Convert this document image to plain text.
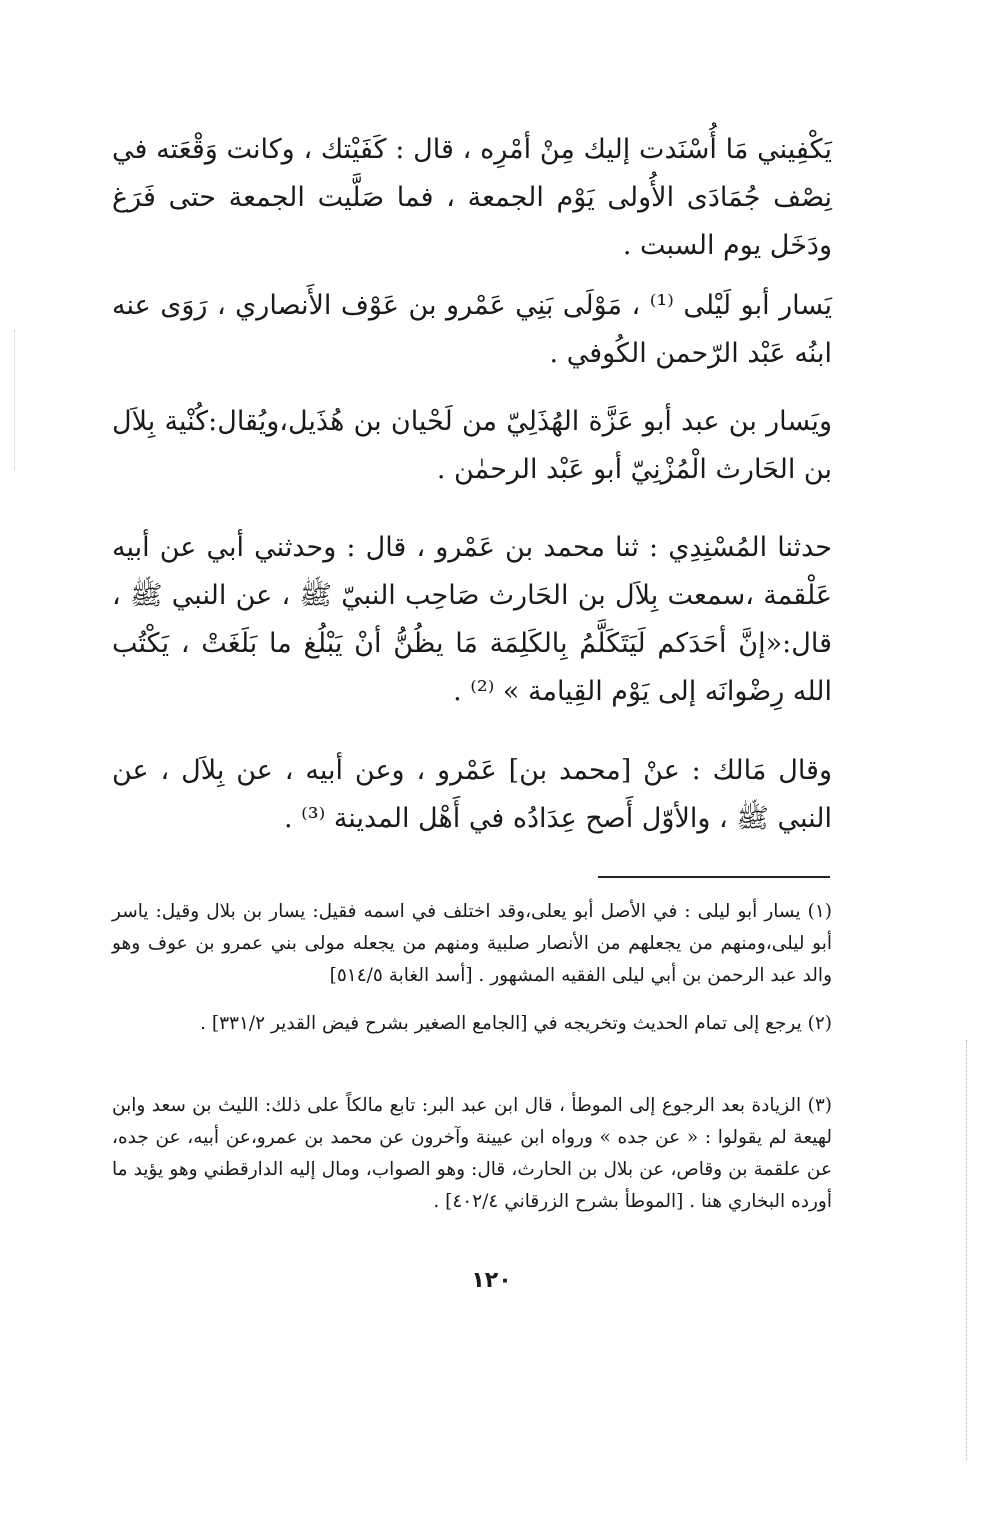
يَكْفِيني مَا أُسْنَدت إليك مِنْ أمْرِه ، قال : كَفَيْتك ، وكانت وَقْعَته في نِصْف جُمَادَى الأُولى يَوْم الجمعة ، فما صَلَّيت الجمعة حتى فَرَغ ودَخَل يوم السبت .

يَسار أبو لَيْلى ⁽¹⁾ ، مَوْلَى بَنِي عَمْرو بن عَوْف الأَنصاري ، رَوَى عنه ابنُه عَبْد الرّحمن الكُوفي .

ويَسار بن عبد أبو عَزَّة الهُذَلِيّ من لَحْيان بن هُذَيل،ويُقال:كُنْية بِلاَل بن الحَارث الْمُزْنِيّ أبو عَبْد الرحمٰن .

حدثنا المُسْنِدِي : ثنا محمد بن عَمْرو ، قال : وحدثني أبي عن أبيه عَلْقمة ،سمعت بِلاَل بن الحَارث صَاحِب النبيّ ﷺ ، عن النبي ﷺ ، قال:«إنَّ أحَدَكم لَيَتَكَلَّمُ بِالكَلِمَة مَا يظُنُّ أنْ يَبْلُغ ما بَلَغَتْ ، يَكْتُب الله رِضْوانَه إلى يَوْم القِيامة » ⁽²⁾ .

وقال مَالك : عنْ [محمد بن] عَمْرو ، وعن أبيه ، عن بِلاَل ، عن النبي ﷺ ، والأوّل أَصح عِدَادُه في أَهْل المدينة ⁽³⁾ .

(١) يسار أبو ليلى : في الأصل أبو يعلى،وقد اختلف في اسمه فقيل: يسار بن بلال وقيل: ياسر أبو ليلى،ومنهم من يجعلهم من الأنصار صلبية ومنهم من يجعله مولى بني عمرو بن عوف وهو والد عبد الرحمن بن أبي ليلى الفقيه المشهور . [أسد الغابة ٥١٤/٥]

(٢) يرجع إلى تمام الحديث وتخريجه في [الجامع الصغير بشرح فيض القدير ٣٣١/٢] .

(٣) الزيادة بعد الرجوع إلى الموطأ ، قال ابن عبد البر: تابع مالكاً على ذلك: الليث بن سعد وابن لهيعة لم يقولوا : « عن جده » ورواه ابن عيينة وآخرون عن محمد بن عمرو،عن أبيه، عن جده، عن علقمة بن وقاص، عن بلال بن الحارث، قال: وهو الصواب، ومال إليه الدارقطني وهو يؤيد ما أورده البخاري هنا . [الموطأ بشرح الزرقاني ٤٠٢/٤] .

١٢٠
